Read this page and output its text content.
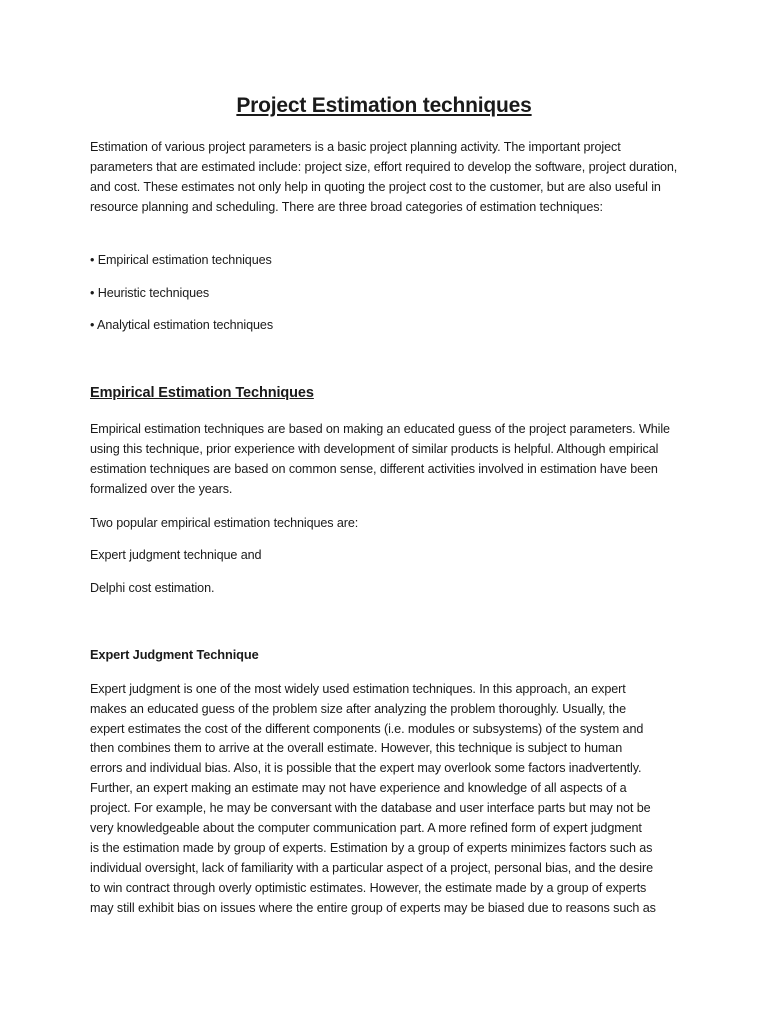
Project Estimation techniques

Estimation of various project parameters is a basic project planning activity. The important project parameters that are estimated include: project size, effort required to develop the software, project duration, and cost. These estimates not only help in quoting the project cost to the customer, but are also useful in resource planning and scheduling. There are three broad categories of estimation techniques:

• Empirical estimation techniques

• Heuristic techniques

• Analytical estimation techniques

Empirical Estimation Techniques

Empirical estimation techniques are based on making an educated guess of the project parameters. While using this technique, prior experience with development of similar products is helpful. Although empirical estimation techniques are based on common sense, different activities involved in estimation have been formalized over the years.

Two popular empirical estimation techniques are:

Expert judgment technique and

Delphi cost estimation.

Expert Judgment Technique

Expert judgment is one of the most widely used estimation techniques. In this approach, an expert

makes an educated guess of the problem size after analyzing the problem thoroughly. Usually, the

expert estimates the cost of the different components (i.e. modules or subsystems) of the system and

then combines them to arrive at the overall estimate. However, this technique is subject to human

errors and individual bias. Also, it is possible that the expert may overlook some factors inadvertently.

Further, an expert making an estimate may not have experience and knowledge of all aspects of a

project. For example, he may be conversant with the database and user interface parts but may not be

very knowledgeable about the computer communication part. A more refined form of expert judgment

is the estimation made by group of experts. Estimation by a group of experts minimizes factors such as

individual oversight, lack of familiarity with a particular aspect of a project, personal bias, and the desire

to win contract through overly optimistic estimates. However, the estimate made by a group of experts

may still exhibit bias on issues where the entire group of experts may be biased due to reasons such as
